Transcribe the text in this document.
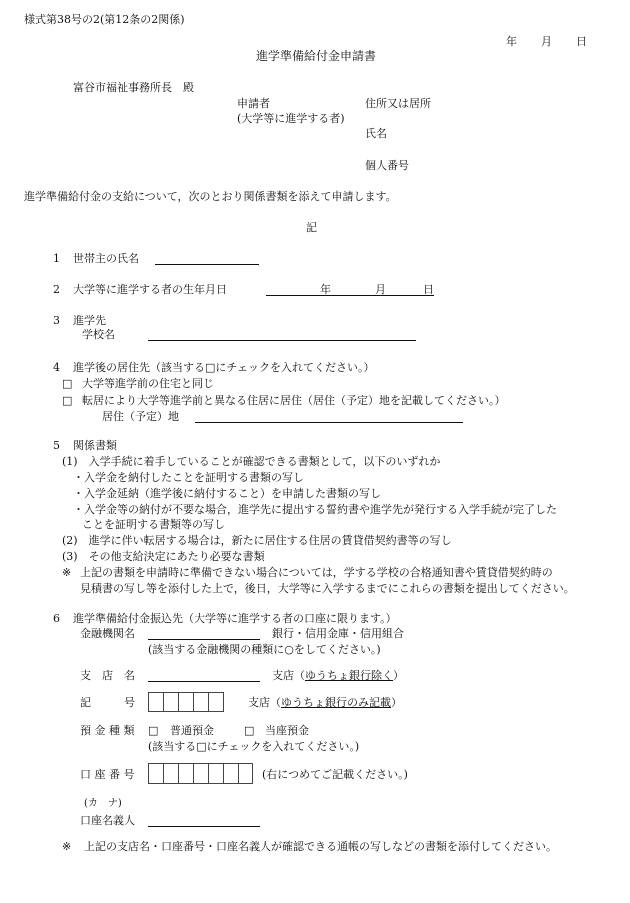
様式第38号の2(第12条の2関係)
年 月 日
進学準備給付金申請書
富谷市福祉事務所長　殿
申請者
(大学等に進学する者)
住所又は居所
氏名
個人番号
進学準備給付金の支給について，次のとおり関係書類を添えて申請します。
記
1 世帯主の氏名
2 大学等に進学する者の生年月日	年	月	日
3 進学先
学校名
4 進学後の居住先（該当する□にチェックを入れてください。）
□ 大学等進学前の住宅と同じ
□ 転居により大学等進学前と異なる住居に居住（居住（予定）地を記載してください。）
居住（予定）地
5 関係書類
(1)　入学手続に着手していることが確認できる書類として，以下のいずれか
・入学金を納付したことを証明する書類の写し
・入学金延納（進学後に納付すること）を申請した書類の写し
・入学金等の納付が不要な場合，進学先に提出する誓約書や進学先が発行する入学手続が完了した
ことを証明する書類等の写し
(2)　進学に伴い転居する場合は，新たに居住する住居の賃貸借契約書等の写し
(3)　その他支給決定にあたり必要な書類
※ 上記の書類を申請時に準備できない場合については，学する学校の合格通知書や賃貸借契約時の
見積書の写し等を添付した上で，後日，大学等に入学するまでにこれらの書類を提出してください。
6 進学準備給付金振込先（大学等に進学する者の口座に限ります。）
金融機関名	銀行・信用金庫・信用組合
(該当する金融機関の種類に○をしてください。)
支　店　名	支店（ゆうちょ銀行除く）
記　　　号	支店（ゆうちょ銀行のみ記載）
預 金 種 類 □ 普通預金	□ 当座預金
(該当する□にチェックを入れてください。)
口 座 番 号	(右につめてご記載ください。)
(カ　ナ)
口座名義人
※ 上記の支店名・口座番号・口座名義人が確認できる通帳の写しなどの書類を添付してください。
